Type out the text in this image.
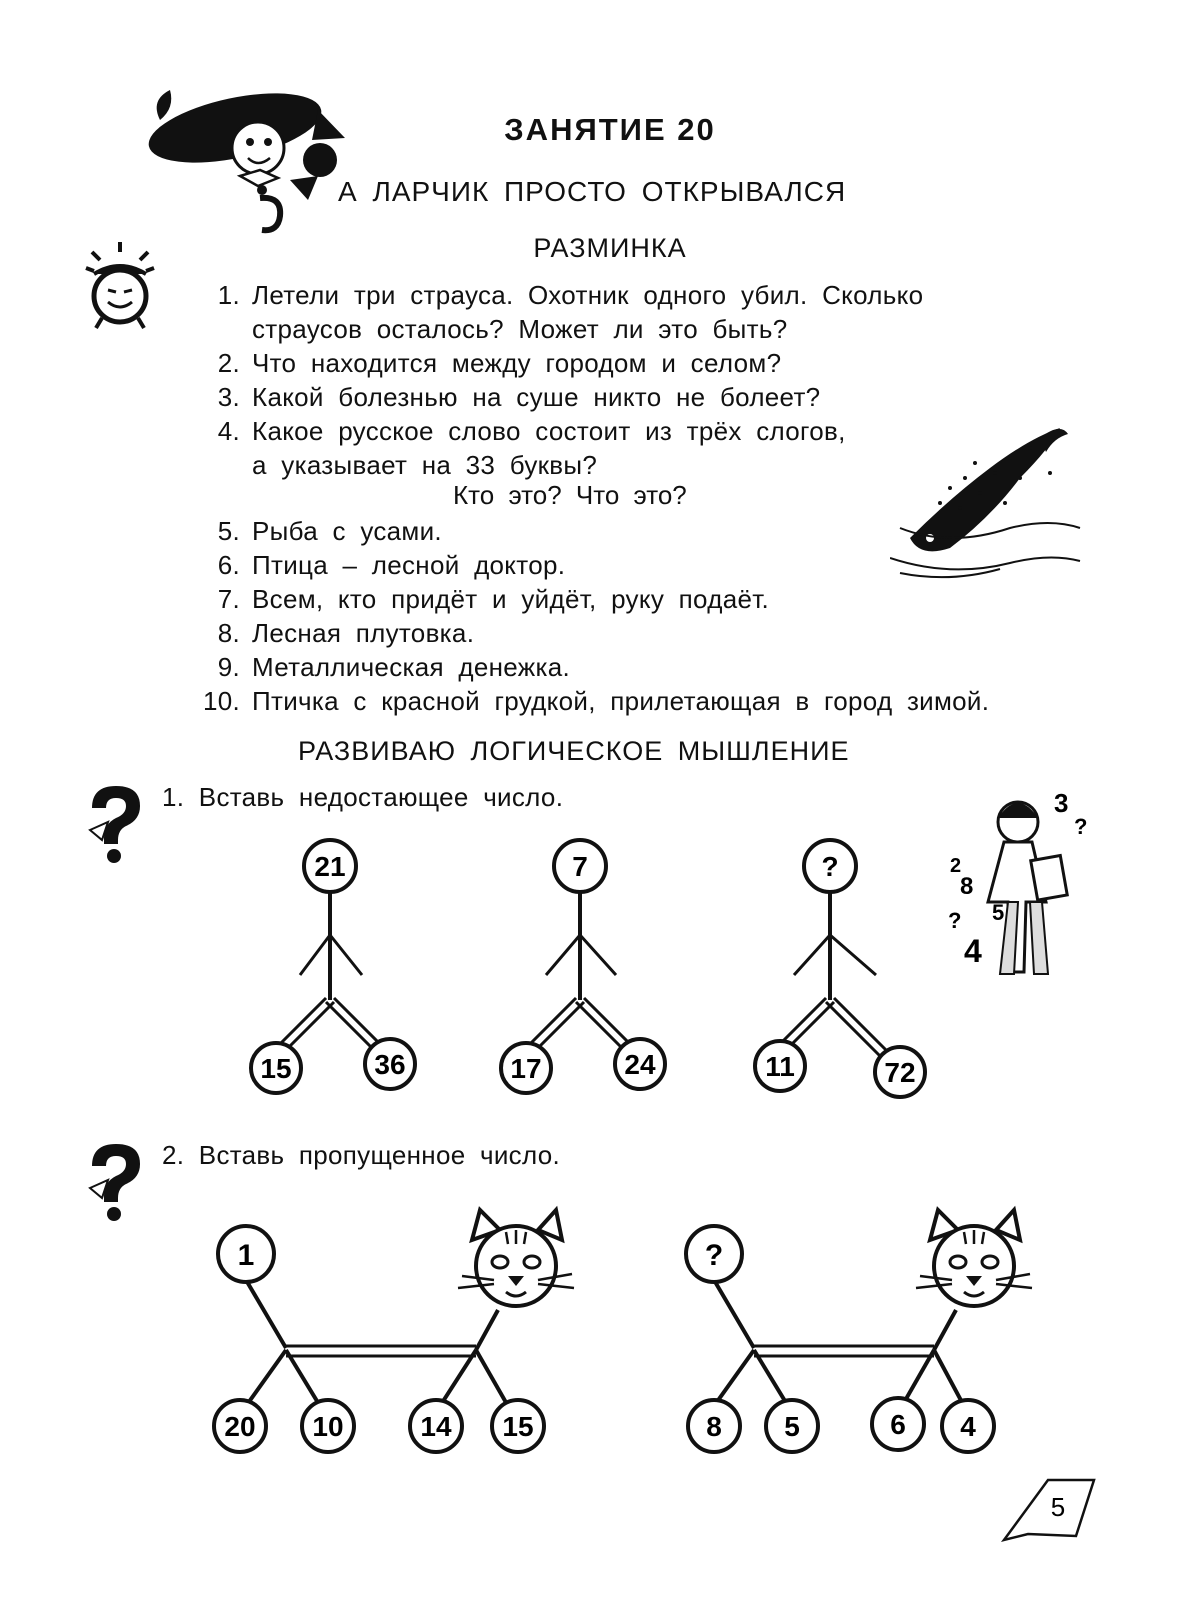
ЗАНЯТИЕ 20
А ЛАРЧИК ПРОСТО ОТКРЫВАЛСЯ
РАЗМИНКА
1. Летели три страуса. Охотник одного убил. Сколько
страусов осталось? Может ли это быть?
2. Что находится между городом и селом?
3. Какой болезнью на суше никто не болеет?
4. Какое русское слово состоит из трёх слогов,
а указывает на 33 буквы?
Кто это? Что это?
5. Рыба с усами.
6. Птица – лесной доктор.
7. Всем, кто придёт и уйдёт, руку подаёт.
8. Лесная плутовка.
9. Металлическая денежка.
10. Птичка с красной грудкой, прилетающая в город зимой.
РАЗВИВАЮ ЛОГИЧЕСКОЕ МЫШЛЕНИЕ
1. Вставь недостающее число.	3
?
2
8
5
?
4
?
21
15	36
7
17	24
?
11	72
2. Вставь пропущенное число.
1
20 10	14 15
?
8 5	6 4
5
